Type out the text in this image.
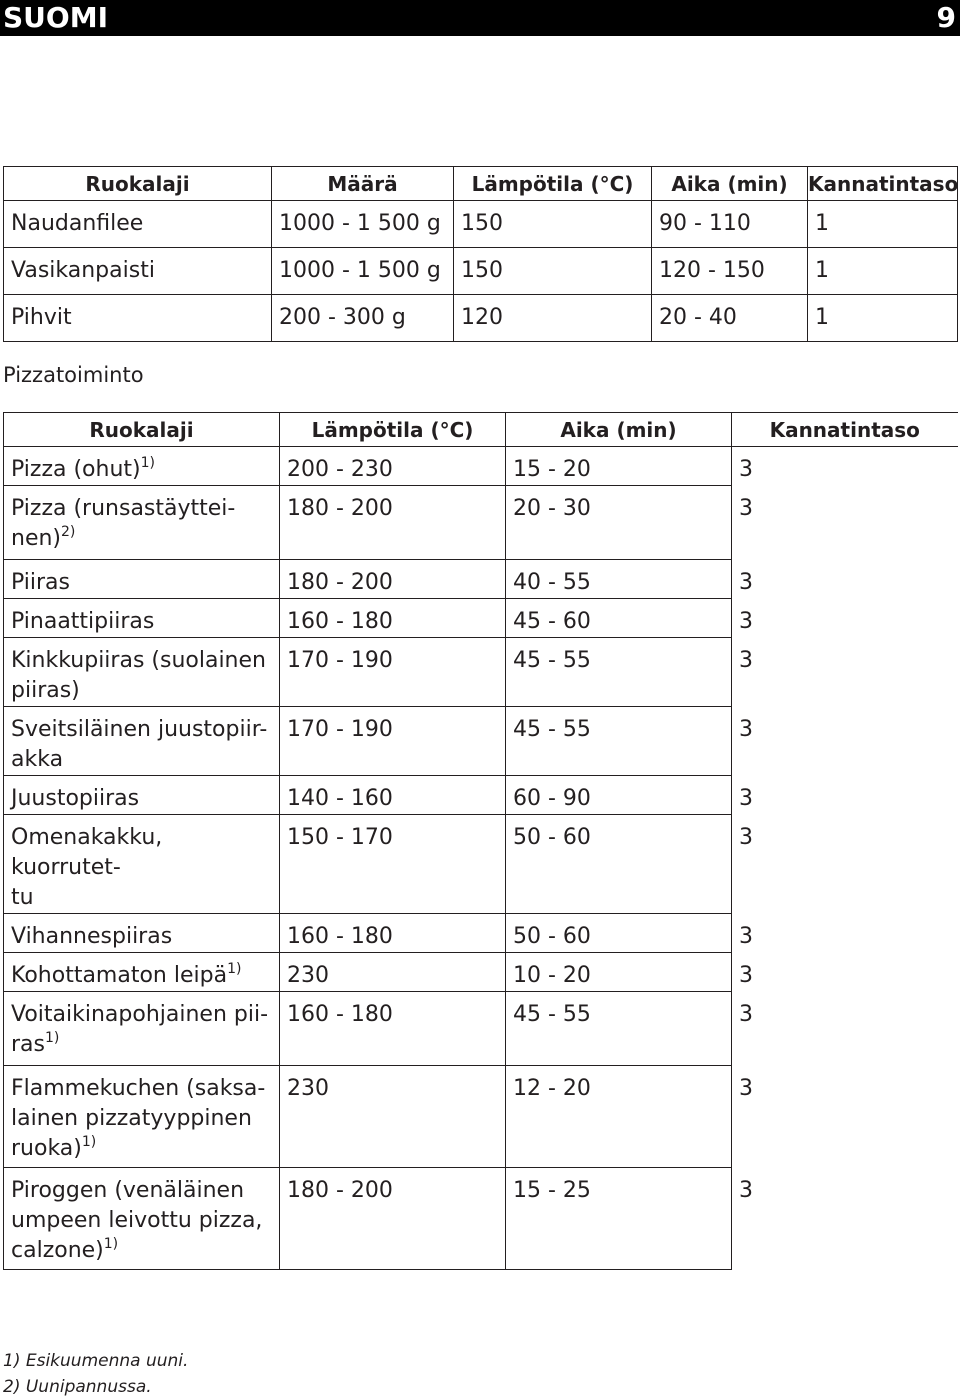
SUOMI	9
Ruokalaji	Määrä	Lämpötila (°C)	Aika (min)	Kannatintaso
Naudanfilee	1000 - 1 500 g	150	90 - 110	1
Vasikanpaisti	1000 - 1 500 g	150	120 - 150	1
Pihvit	200 - 300 g	120	20 - 40	1
Pizzatoiminto
Ruokalaji	Lämpötila (°C)	Aika (min)	Kannatintaso
Pizza (ohut)$^{1)}$	200 - 230	15 - 20	3
Pizza (runsastäyttei-
nen)$^{2)}$	180 - 200	20 - 30	3
Piiras	180 - 200	40 - 55	3
Pinaattipiiras	160 - 180	45 - 60	3
Kinkkupiiras (suolainen
piiras)	170 - 190	45 - 55	3
Sveitsiläinen juustopiir-
akka	170 - 190	45 - 55	3
Juustopiiras	140 - 160	60 - 90	3
Omenakakku, kuorrutet-
tu	150 - 170	50 - 60	3
Vihannespiiras	160 - 180	50 - 60	3
Kohottamaton leipä$^{1)}$	230	10 - 20	3
Voitaikinapohjainen pii-
ras$^{1)}$	160 - 180	45 - 55	3
Flammekuchen (saksa-
lainen pizzatyyppinen
ruoka)$^{1)}$	230	12 - 20	3
Piroggen (venäläinen
umpeen leivottu pizza,
calzone)$^{1)}$	180 - 200	15 - 25	3
1) Esikuumenna uuni.
2) Uunipannussa.
